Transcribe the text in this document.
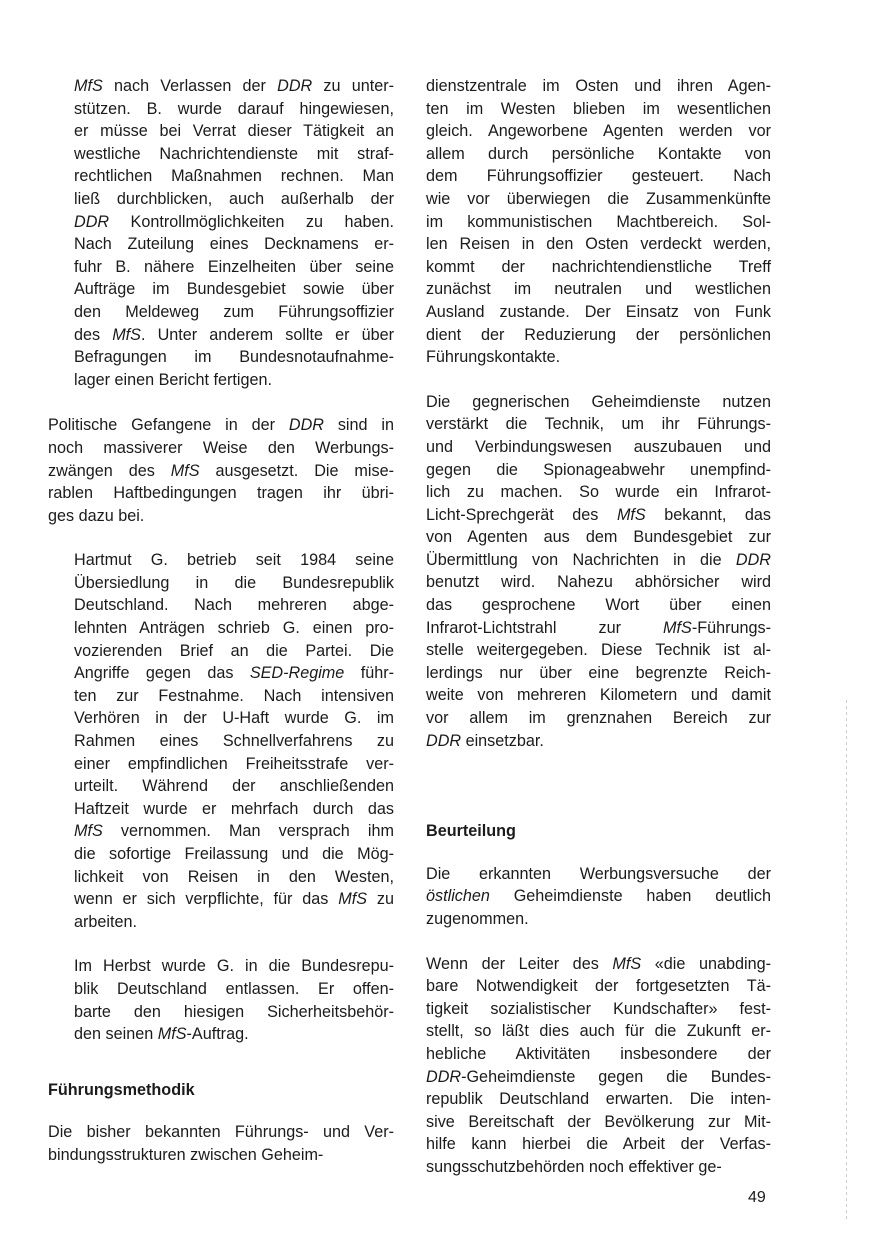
MfS nach Verlassen der DDR zu unter-
stützen. B. wurde darauf hingewiesen,
er müsse bei Verrat dieser Tätigkeit an
westliche Nachrichtendienste mit straf-
rechtlichen Maßnahmen rechnen. Man
ließ durchblicken, auch außerhalb der
DDR Kontrollmöglichkeiten zu haben.
Nach Zuteilung eines Decknamens er-
fuhr B. nähere Einzelheiten über seine
Aufträge im Bundesgebiet sowie über
den Meldeweg zum Führungsoffizier
des MfS. Unter anderem sollte er über
Befragungen im Bundesnotaufnahme-
lager einen Bericht fertigen.

Politische Gefangene in der DDR sind in
noch massiverer Weise den Werbungs-
zwängen des MfS ausgesetzt. Die mise-
rablen Haftbedingungen tragen ihr übri-
ges dazu bei.

Hartmut G. betrieb seit 1984 seine
Übersiedlung in die Bundesrepublik
Deutschland. Nach mehreren abge-
lehnten Anträgen schrieb G. einen pro-
vozierenden Brief an die Partei. Die
Angriffe gegen das SED-Regime führ-
ten zur Festnahme. Nach intensiven
Verhören in der U-Haft wurde G. im
Rahmen eines Schnellverfahrens zu
einer empfindlichen Freiheitsstrafe ver-
urteilt. Während der anschließenden
Haftzeit wurde er mehrfach durch das
MfS vernommen. Man versprach ihm
die sofortige Freilassung und die Mög-
lichkeit von Reisen in den Westen,
wenn er sich verpflichte, für das MfS zu
arbeiten.

Im Herbst wurde G. in die Bundesrepu-
blik Deutschland entlassen. Er offen-
barte den hiesigen Sicherheitsbehör-
den seinen MfS-Auftrag.

Führungsmethodik

Die bisher bekannten Führungs- und Ver-
bindungsstrukturen zwischen Geheim-

dienstzentrale im Osten und ihren Agen-
ten im Westen blieben im wesentlichen
gleich. Angeworbene Agenten werden vor
allem durch persönliche Kontakte von
dem Führungsoffizier gesteuert. Nach
wie vor überwiegen die Zusammenkünfte
im kommunistischen Machtbereich. Sol-
len Reisen in den Osten verdeckt werden,
kommt der nachrichtendienstliche Treff
zunächst im neutralen und westlichen
Ausland zustande. Der Einsatz von Funk
dient der Reduzierung der persönlichen
Führungskontakte.

Die gegnerischen Geheimdienste nutzen
verstärkt die Technik, um ihr Führungs-
und Verbindungswesen auszubauen und
gegen die Spionageabwehr unempfind-
lich zu machen. So wurde ein Infrarot-
Licht-Sprechgerät des MfS bekannt, das
von Agenten aus dem Bundesgebiet zur
Übermittlung von Nachrichten in die DDR
benutzt wird. Nahezu abhörsicher wird
das gesprochene Wort über einen
Infrarot-Lichtstrahl zur MfS-Führungs-
stelle weitergegeben. Diese Technik ist al-
lerdings nur über eine begrenzte Reich-
weite von mehreren Kilometern und damit
vor allem im grenznahen Bereich zur
DDR einsetzbar.

Beurteilung

Die erkannten Werbungsversuche der
östlichen Geheimdienste haben deutlich
zugenommen.

Wenn der Leiter des MfS «die unabding-
bare Notwendigkeit der fortgesetzten Tä-
tigkeit sozialistischer Kundschafter» fest-
stellt, so läßt dies auch für die Zukunft er-
hebliche Aktivitäten insbesondere der
DDR-Geheimdienste gegen die Bundes-
republik Deutschland erwarten. Die inten-
sive Bereitschaft der Bevölkerung zur Mit-
hilfe kann hierbei die Arbeit der Verfas-
sungsschutzbehörden noch effektiver ge-

49
